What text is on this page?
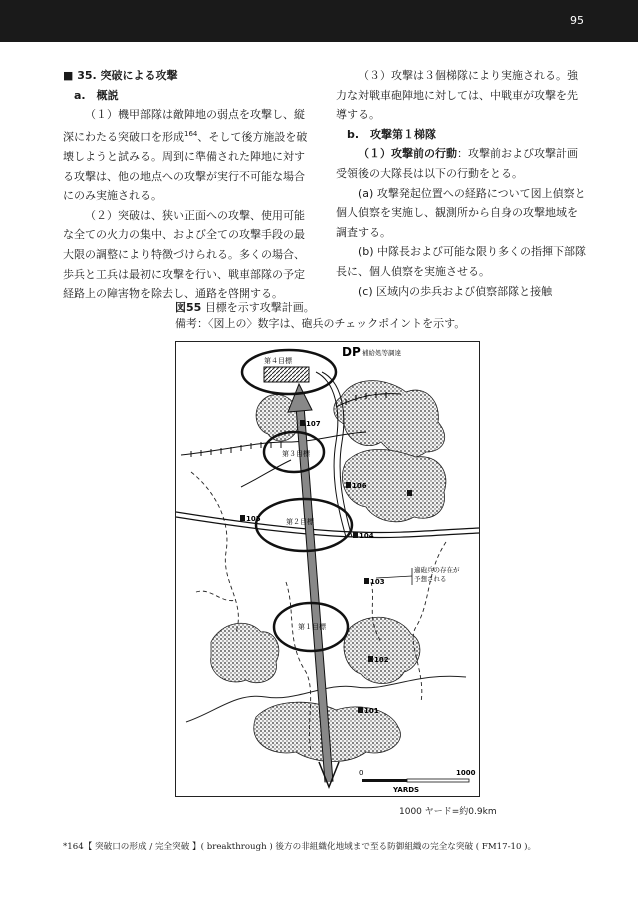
95

■ 35. 突破による攻撃

a.　概説

（１）機甲部隊は敵陣地の弱点を攻撃し、縦深にわたる突破口を形成$^{164}$、そして後方施設を破壊しようと試みる。周到に準備された陣地に対する攻撃は、他の地点への攻撃が実行不可能な場合にのみ実施される。

（２）突破は、狭い正面への攻撃、使用可能な全ての火力の集中、および全ての攻撃手段の最大限の調整により特徴づけられる。多くの場合、歩兵と工兵は最初に攻撃を行い、戦車部隊の予定経路上の障害物を除去し、通路を啓開する。

（３）攻撃は３個梯隊により実施される。強力な対戦車砲陣地に対しては、中戦車が攻撃を先導する。

b.　攻撃第１梯隊

（１）攻撃前の行動：攻撃前および攻撃計画受領後の大隊長は以下の行動をとる。

(a) 攻撃発起位置への経路について図上偵察と個人偵察を実施し、観測所から自身の攻撃地域を調査する。

(b) 中隊長および可能な限り多くの指揮下部隊長に、個人偵察を実施させる。

(c) 区域内の歩兵および偵察部隊と接触

図55 目標を示す攻撃計画。
備考：〈図上の〉数字は、砲兵のチェックポイントを示す。
第４目標
DP 補給処等調達
第３目標
第２目標
第１目標
107
106
105
104
103
102
101
適砲兵の存在が
予想される
0	1000
YARDS
1000 ヤード=約0.9km
*164【 突破口の形成 / 完全突破 】( breakthrough ) 後方の非組織化地域まで至る防御組織の完全な突破 ( FM17-10 )。
